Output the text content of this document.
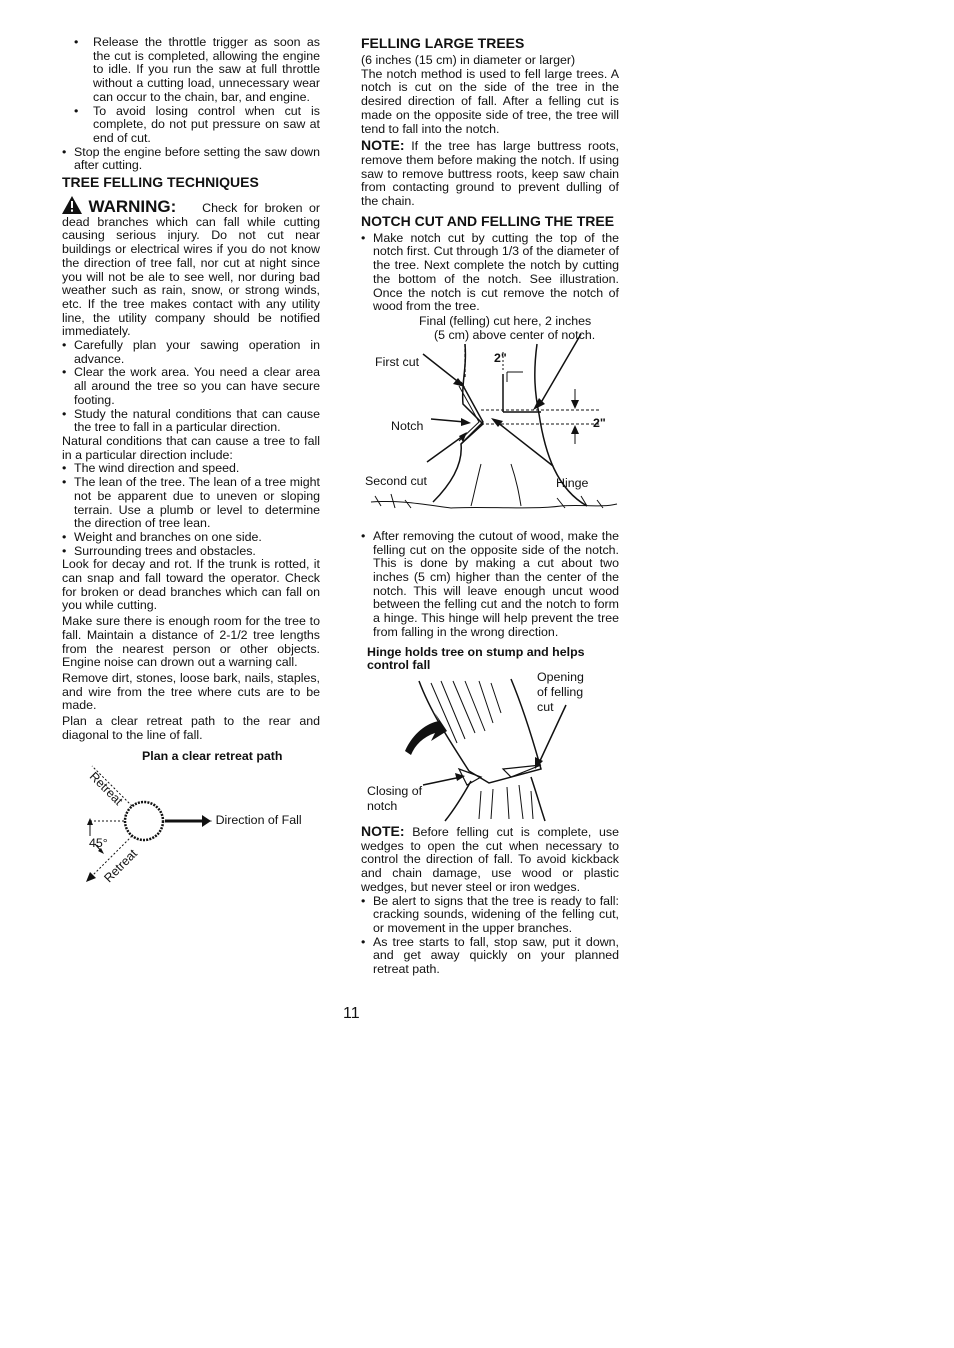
• Release the throttle trigger as soon as the cut is completed, allowing the engine to idle. If you run the saw at full throttle without a cutting load, unnecessary wear can occur to the chain, bar, and engine.
• To avoid losing control when cut is complete, do not put pressure on saw at end of cut.
• Stop the engine before setting the saw down after cutting.
TREE FELLING TECHNIQUES

WARNING: Check for broken or dead branches which can fall while cutting causing serious injury. Do not cut near buildings or electrical wires if you do not know the direction of tree fall, nor cut at night since you will not be ale to see well, nor during bad weather such as rain, snow, or strong winds, etc. If the tree makes contact with any utility line, the utility company should be notified immediately.

• Carefully plan your sawing operation in advance.
• Clear the work area. You need a clear area all around the tree so you can have secure footing.
• Study the natural conditions that can cause the tree to fall in a particular direction.

Natural conditions that can cause a tree to fall in a particular direction include:

• The wind direction and speed.
• The lean of the tree. The lean of a tree might not be apparent due to uneven or sloping terrain. Use a plumb or level to determine the direction of tree lean.
• Weight and branches on one side.
• Surrounding trees and obstacles.

Look for decay and rot. If the trunk is rotted, it can snap and fall toward the operator. Check for broken or dead branches which can fall on you while cutting.

Make sure there is enough room for the tree to fall. Maintain a distance of 2-1/2 tree lengths from the nearest person or other objects. Engine noise can drown out a warning call.

Remove dirt, stones, loose bark, nails, staples, and wire from the tree where cuts are to be made.

Plan a clear retreat path to the rear and diagonal to the line of fall.

Plan a clear retreat path
Retreat
Retreat
- Direction of Fall
45°
FELLING LARGE TREES

(6 inches (15 cm) in diameter or larger)

The notch method is used to fell large trees. A notch is cut on the side of the tree in the desired direction of fall. After a felling cut is made on the opposite side of tree, the tree will tend to fall into the notch.

NOTE: If the tree has large buttress roots, remove them before making the notch. If using saw to remove buttress roots, keep saw chain from contacting ground to prevent dulling of the chain.

NOTCH CUT AND FELLING THE TREE
• Make notch cut by cutting the top of the notch first. Cut through 1/3 of the diameter of the tree. Next complete the notch by cutting the bottom of the notch. See illustration. Once the notch is cut remove the notch of wood from the tree.
Final (felling) cut here, 2 inches
(5 cm) above center of notch.
First cut
Notch
Second cut	Hinge
2"
2"
• After removing the cutout of wood, make the felling cut on the opposite side of the notch. This is done by making a cut about two inches (5 cm) higher than the center of the notch. This will leave enough uncut wood between the felling cut and the notch to form a hinge. This hinge will help prevent the tree from falling in the wrong direction.

Hinge holds tree on stump and helps control fall

Opening
of felling
cut
Closing of
notch

NOTE: Before felling cut is complete, use wedges to open the cut when necessary to control the direction of fall. To avoid kickback and chain damage, use wood or plastic wedges, but never steel or iron wedges.

• Be alert to signs that the tree is ready to fall: cracking sounds, widening of the felling cut, or movement in the upper branches.
• As tree starts to fall, stop saw, put it down, and get away quickly on your planned retreat path.
11
